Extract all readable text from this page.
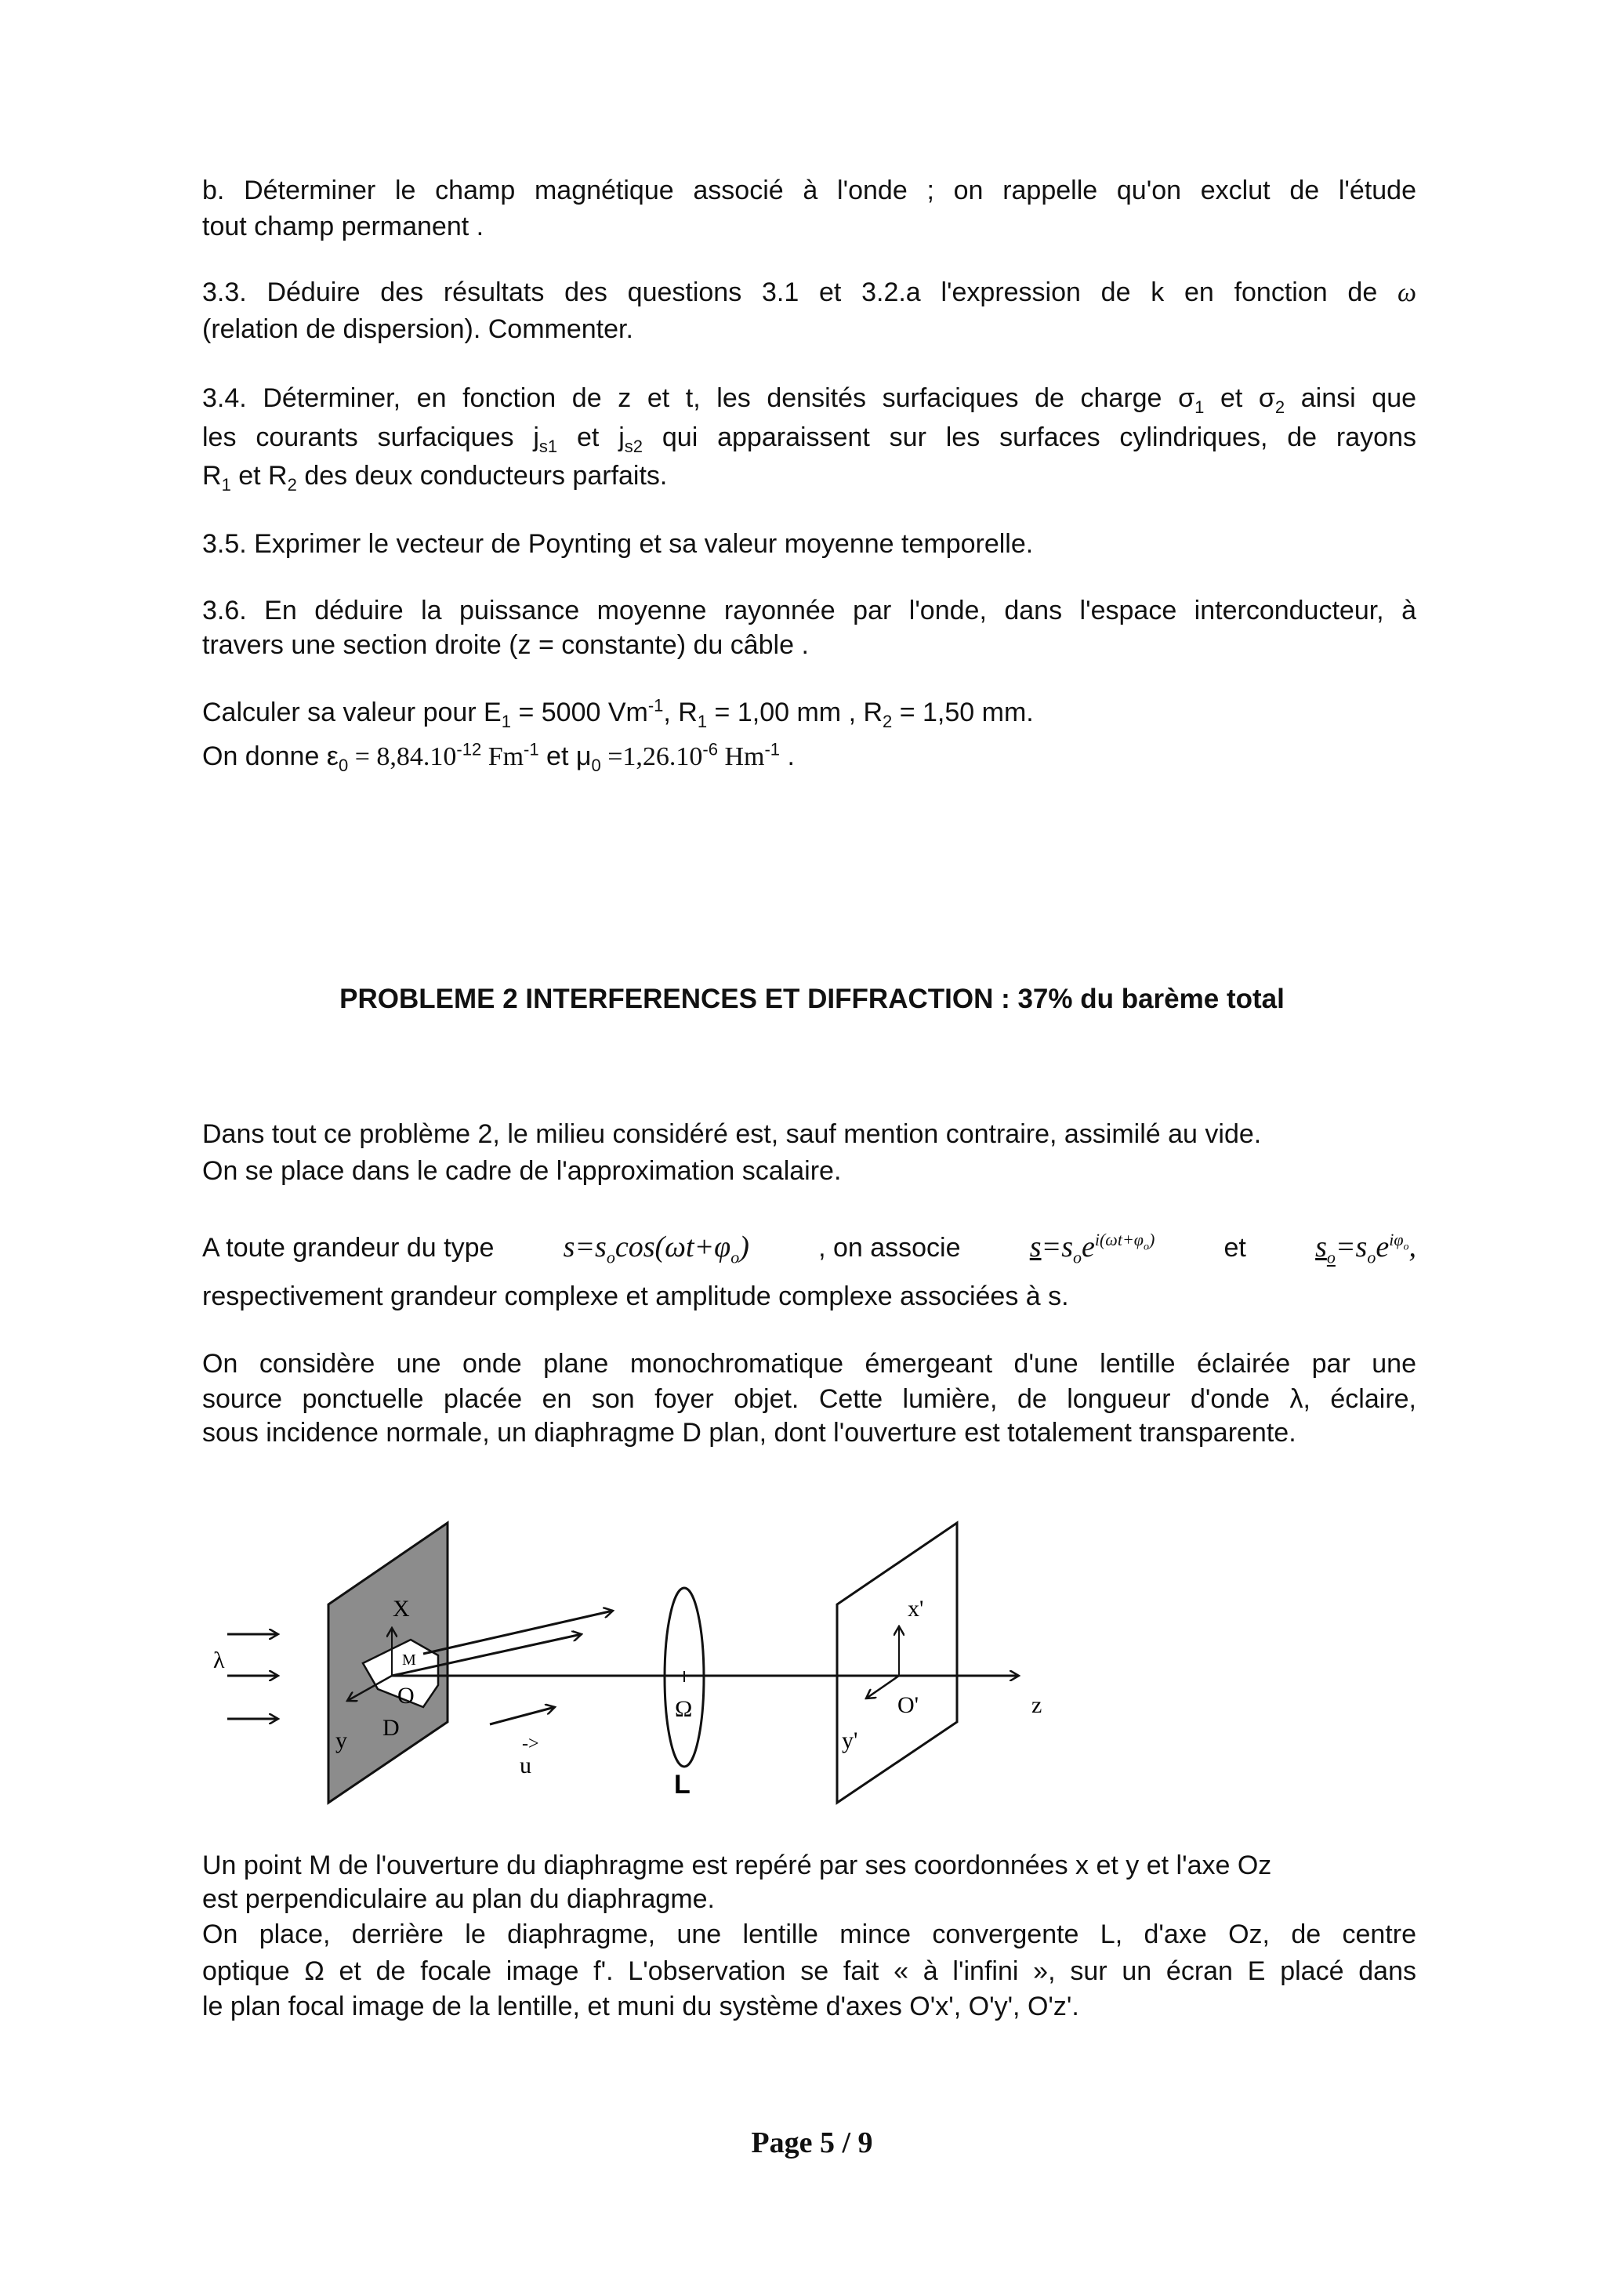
b. Déterminer le champ magnétique associé à l'onde ; on rappelle qu'on exclut de l'étude
tout champ permanent .
3.3. Déduire des résultats des questions 3.1 et 3.2.a l'expression de k en fonction de ω
(relation de dispersion). Commenter.
3.4. Déterminer, en fonction de z et t, les densités surfaciques de charge $\sigma_1$ et $\sigma_2$ ainsi que
les courants surfaciques $j_{s1}$ et $j_{s2}$ qui apparaissent sur les surfaces cylindriques, de rayons
$R_1$ et $R_2$ des deux conducteurs parfaits.
3.5. Exprimer le vecteur de Poynting et sa valeur moyenne temporelle.
3.6. En déduire la puissance moyenne rayonnée par l'onde, dans l'espace interconducteur, à
travers une section droite (z = constante) du câble .
Calculer sa valeur pour $E_1 = 5000$ $Vm^{-1}$, $R_1 = 1,00$ mm , $R_2 = 1,50$ mm.
On donne $\varepsilon_0 = 8,84.10^{-12}$ $Fm^{-1}$ et $\mu_0 =1,26.10^{-6}$ $Hm^{-1}$ .
PROBLEME 2 INTERFERENCES ET DIFFRACTION : 37% du barème total
Dans tout ce problème 2, le milieu considéré est, sauf mention contraire, assimilé au vide.
On se place dans le cadre de l'approximation scalaire.
A toute grandeur du type $s=s_o\cos(\omega t+\varphi_o)$	, on associe $s=s_oe^{i(\omega t+\varphi_o)}$	et $s_o=s_oe^{i\varphi_o}$,
respectivement grandeur complexe et amplitude complexe associées à s.
On considère une onde plane monochromatique émergeant d'une lentille éclairée par une
source ponctuelle placée en son foyer objet. Cette lumière, de longueur d'onde λ, éclaire,
sous incidence normale, un diaphragme D plan, dont l'ouverture est totalement transparente.
λ
X
M
O
D
y	->
u
Ω
L
x'
O'
y'
z
Un point M de l'ouverture du diaphragme est repéré par ses coordonnées x et y et l'axe Oz
est perpendiculaire au plan du diaphragme.
On place, derrière le diaphragme, une lentille mince convergente L, d'axe Oz, de centre
optique Ω et de focale image f'. L'observation se fait « à l'infini », sur un écran E placé dans
le plan focal image de la lentille, et muni du système d'axes O'x', O'y', O'z'.
Page 5 / 9
